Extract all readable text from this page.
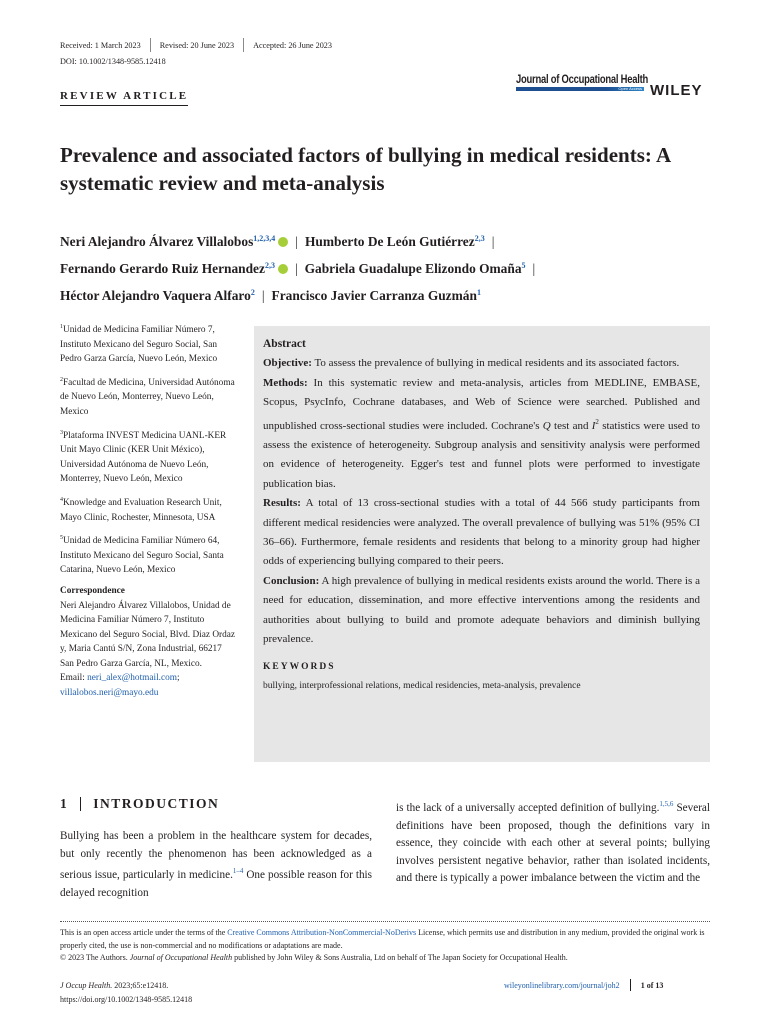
Received: 1 March 2023 Revised: 20 June 2023 Accepted: 26 June 2023
DOI: 10.1002/1348-9585.12418
REVIEW ARTICLE
Journal of Occupational Health
Open Access WILEY
Prevalence and associated factors of bullying in medical residents: A systematic review and meta-analysis
Neri Alejandro Álvarez Villalobos$^{1,2,3,4}$ iD | Humberto De León Gutiérrez$^{2,3}$ |
Fernando Gerardo Ruiz Hernandez$^{2,3}$ iD | Gabriela Guadalupe Elizondo Omaña$^5$ |
Héctor Alejandro Vaquera Alfaro$^2$ | Francisco Javier Carranza Guzmán$^1$

$^1$Unidad de Medicina Familiar Número 7, Instituto Mexicano del Seguro Social, San Pedro Garza García, Nuevo León, Mexico

$^2$Facultad de Medicina, Universidad Autónoma de Nuevo León, Monterrey, Nuevo León, Mexico

$^3$Plataforma INVEST Medicina UANL-KER Unit Mayo Clinic (KER Unit México), Universidad Autónoma de Nuevo León, Monterrey, Nuevo León, Mexico

$^4$Knowledge and Evaluation Research Unit, Mayo Clinic, Rochester, Minnesota, USA

$^5$Unidad de Medicina Familiar Número 64, Instituto Mexicano del Seguro Social, Santa Catarina, Nuevo León, Mexico

Correspondence
Neri Alejandro Álvarez Villalobos, Unidad de Medicina Familiar Número 7, Instituto Mexicano del Seguro Social, Blvd. Diaz Ordaz y, Maria Cantú S/N, Zona Industrial, 66217 San Pedro Garza García, NL, Mexico.
Email: neri_alex@hotmail.com;
villalobos.neri@mayo.edu
Abstract
Objective: To assess the prevalence of bullying in medical residents and its associated factors.
Methods: In this systematic review and meta-analysis, articles from MEDLINE, EMBASE, Scopus, PsycInfo, Cochrane databases, and Web of Science were searched. Published and unpublished cross-sectional studies were included. Cochrane's Q test and $I^2$ statistics were used to assess the existence of heterogeneity. Subgroup analysis and sensitivity analysis were performed on evidence of heterogeneity. Egger's test and funnel plots were performed to investigate publication bias.
Results: A total of 13 cross-sectional studies with a total of 44 566 study participants from different medical residencies were analyzed. The overall prevalence of bullying was 51% (95% CI 36–66). Furthermore, female residents and residents that belong to a minority group had higher odds of experiencing bullying compared to their peers.
Conclusion: A high prevalence of bullying in medical residents exists around the world. There is a need for education, dissemination, and more effective interventions among the residents and authorities about bullying to build and promote adequate behaviors and diminish bullying prevalence.
KEYWORDS
bullying, interprofessional relations, medical residencies, meta-analysis, prevalence
1 INTRODUCTION
Bullying has been a problem in the healthcare system for decades, but only recently the phenomenon has been acknowledged as a serious issue, particularly in medicine.$^{1-4}$ One possible reason for this delayed recognition
is the lack of a universally accepted definition of bullying.$^{1,5,6}$ Several definitions have been proposed, though the definitions vary in essence, they coincide with each other at several points; bullying involves persistent negative behavior, rather than isolated incidents, and there is typically a power imbalance between the victim and the
This is an open access article under the terms of the Creative Commons Attribution-NonCommercial-NoDerivs License, which permits use and distribution in any medium, provided the original work is properly cited, the use is non-commercial and no modifications or adaptations are made.
© 2023 The Authors. Journal of Occupational Health published by John Wiley & Sons Australia, Ltd on behalf of The Japan Society for Occupational Health.
J Occup Health. 2023;65:e12418.
https://doi.org/10.1002/1348-9585.12418
wileyonlinelibrary.com/journal/joh2	1 of 13
